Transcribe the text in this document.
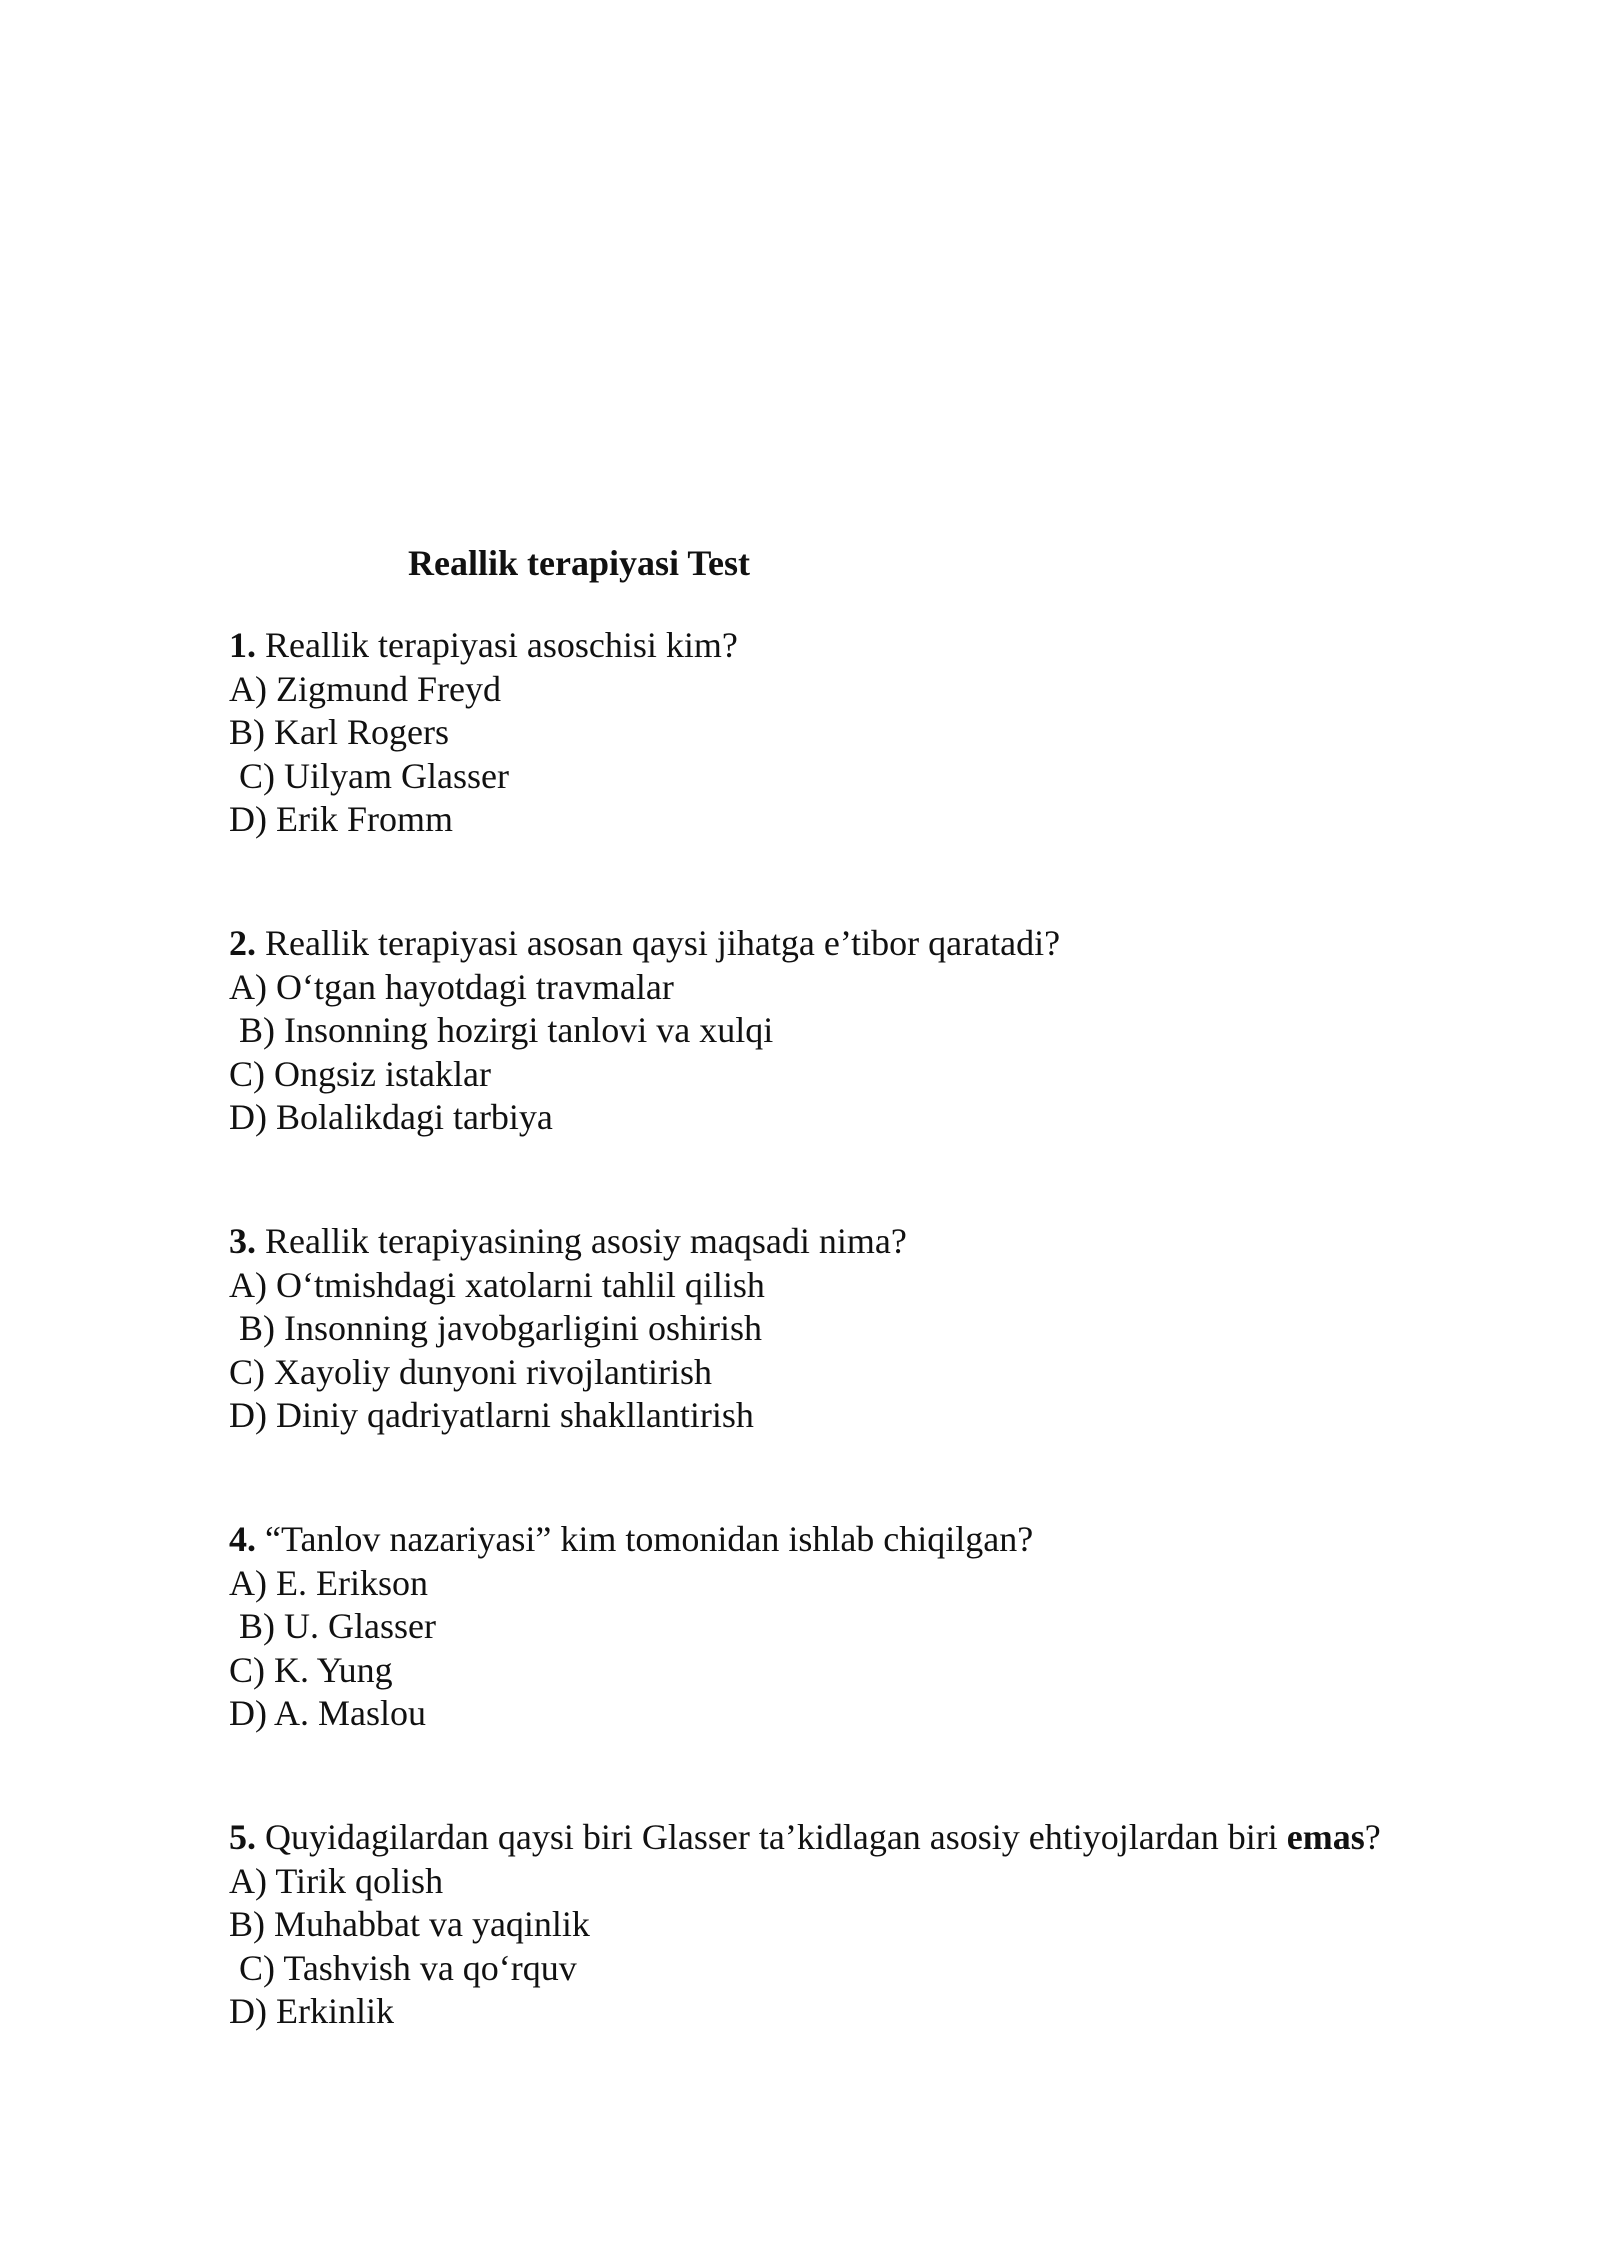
Reallik terapiyasi Test
1. Reallik terapiyasi asoschisi kim?
A) Zigmund Freyd
B) Karl Rogers
C) Uilyam Glasser
D) Erik Fromm
2. Reallik terapiyasi asosan qaysi jihatga e’tibor qaratadi?
A) O‘tgan hayotdagi travmalar
B) Insonning hozirgi tanlovi va xulqi
C) Ongsiz istaklar
D) Bolalikdagi tarbiya
3. Reallik terapiyasining asosiy maqsadi nima?
A) O‘tmishdagi xatolarni tahlil qilish
B) Insonning javobgarligini oshirish
C) Xayoliy dunyoni rivojlantirish
D) Diniy qadriyatlarni shakllantirish
4. “Tanlov nazariyasi” kim tomonidan ishlab chiqilgan?
A) E. Erikson
B) U. Glasser
C) K. Yung
D) A. Maslou
5. Quyidagilardan qaysi biri Glasser ta’kidlagan asosiy ehtiyojlardan biri emas?
A) Tirik qolish
B) Muhabbat va yaqinlik
C) Tashvish va qo‘rquv
D) Erkinlik
